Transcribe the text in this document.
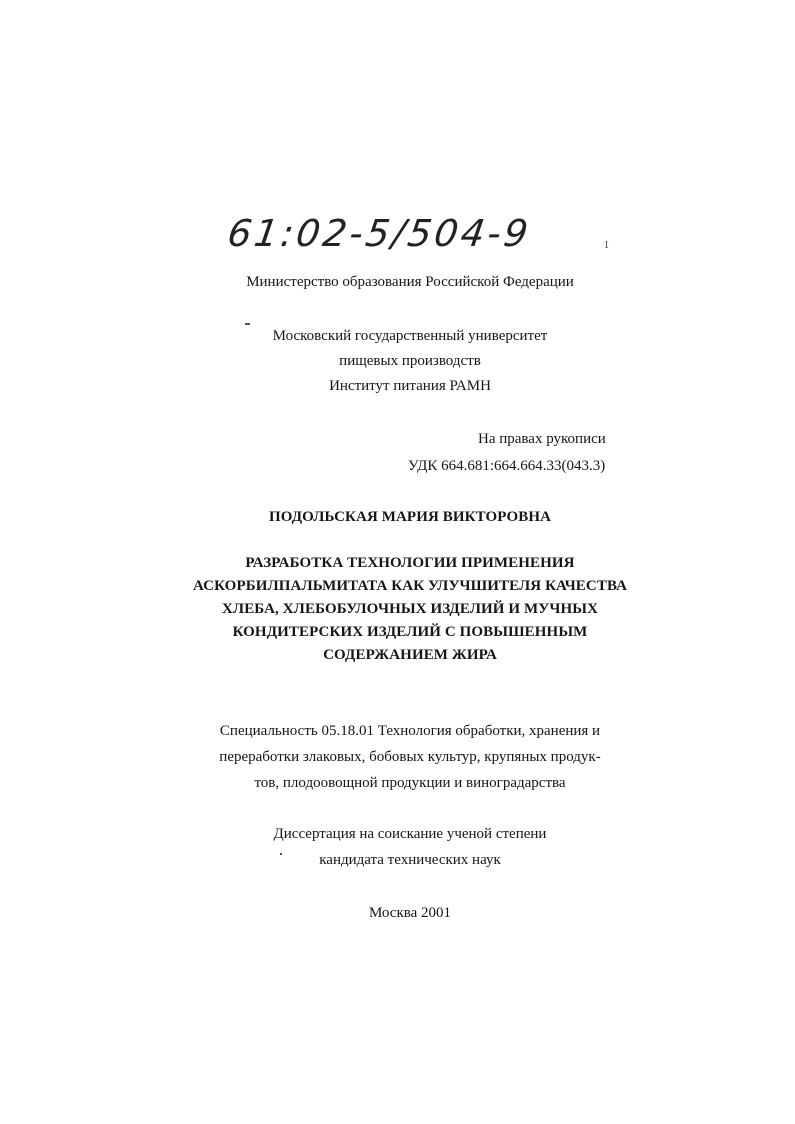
61:02-5/504-9	1
Министерство образования Российской Федерации
Московский государственный университет
пищевых производств
Институт питания РАМН
На правах рукописи
УДК 664.681:664.664.33(043.3)
ПОДОЛЬСКАЯ МАРИЯ ВИКТОРОВНА
РАЗРАБОТКА ТЕХНОЛОГИИ ПРИМЕНЕНИЯ
АСКОРБИЛПАЛЬМИТАТА КАК УЛУЧШИТЕЛЯ КАЧЕСТВА
ХЛЕБА, ХЛЕБОБУЛОЧНЫХ ИЗДЕЛИЙ И МУЧНЫХ
КОНДИТЕРСКИХ ИЗДЕЛИЙ С ПОВЫШЕННЫМ
СОДЕРЖАНИЕМ ЖИРА
Специальность 05.18.01 Технология обработки, хранения и
переработки злаковых, бобовых культур, крупяных продук-
тов, плодоовощной продукции и виноградарства
Диссертация на соискание ученой степени
кандидата технических наук
Москва 2001
